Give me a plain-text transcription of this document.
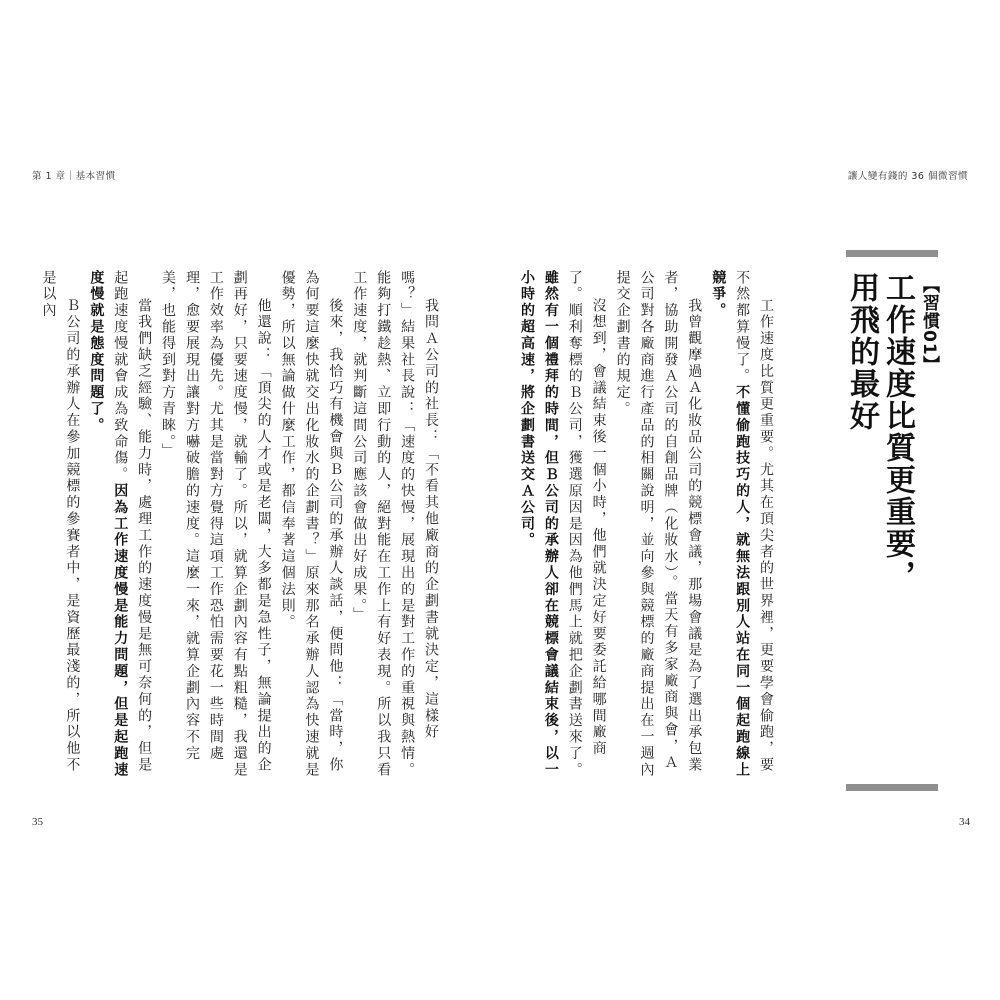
第 1 章｜基本習慣

我問Ａ公司的社長：「不看其他廠商的企劃書就決定，這樣好嗎？」結果社長說：「速度的快慢，展現出的是對工作的重視與熱情。能夠打鐵趁熱、立即行動的人，絕對能在工作上有好表現。所以我只看工作速度，就判斷這間公司應該會做出好成果。」

後來，我恰巧有機會與Ｂ公司的承辦人談話，便問他：「當時，你為何要這麼快就交出化妝水的企劃書？」原來那名承辦人認為快速就是優勢，所以無論做什麼工作，都信奉著這個法則。

他還說：「頂尖的人才或是老闆，大多都是急性子，無論提出的企劃再好，只要速度慢，就輸了。所以，就算企劃內容有點粗糙，我還是工作效率為優先。尤其是當對方覺得這項工作恐怕需要花一些時間處理，愈要展現出讓對方嚇破膽的速度。這麼一來，就算企劃內容不完美，也能得到對方青睞。」

當我們缺乏經驗、能力時，處理工作的速度慢是無可奈何的，但是起跑速度慢就會成為致命傷。因為工作速度慢是能力問題，但是起跑速度慢就是態度問題了。

Ｂ公司的承辦人在參加競標的參賽者中，是資歷最淺的，所以他不是以內

35
讓人變有錢的 36 個微習慣
34

工作速度比質更重要。尤其在頂尖者的世界裡，更要學會偷跑，要不然都算慢了。不懂偷跑技巧的人，就無法跟別人站在同一個起跑線上競爭。

我曾觀摩過Ａ化妝品公司的競標會議，那場會議是為了選出承包業者，協助開發Ａ公司的自創品牌（化妝水）。當天有多家廠商與會，Ａ公司對各廠商進行產品的相關說明，並向參與競標的廠商提出在一週內提交企劃書的規定。

沒想到，會議結束後一個小時，他們就決定好要委託給哪間廠商了。順利奪標的Ｂ公司，獲選原因是因為他們馬上就把企劃書送來了。雖然有一個禮拜的時間，但Ｂ公司的承辦人卻在競標會議結束後，以一小時的超高速，將企劃書送交Ａ公司。	【習慣01】
工作速度比質更重要，
用飛的最好
